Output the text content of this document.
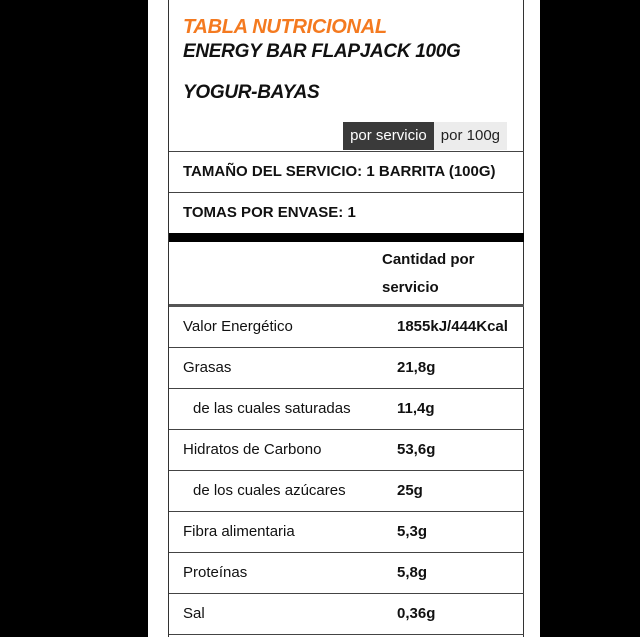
TABLA NUTRICIONAL
ENERGY BAR FLAPJACK 100G
YOGUR-BAYAS
por servicio por 100g
TAMAÑO DEL SERVICIO: 1 BARRITA (100G)
TOMAS POR ENVASE: 1
Cantidad por servicio
Valor Energético	1855kJ/444Kcal
Grasas	21,8g
de las cuales saturadas	11,4g
Hidratos de Carbono	53,6g
de los cuales azúcares	25g
Fibra alimentaria	5,3g
Proteínas	5,8g
Sal	0,36g
